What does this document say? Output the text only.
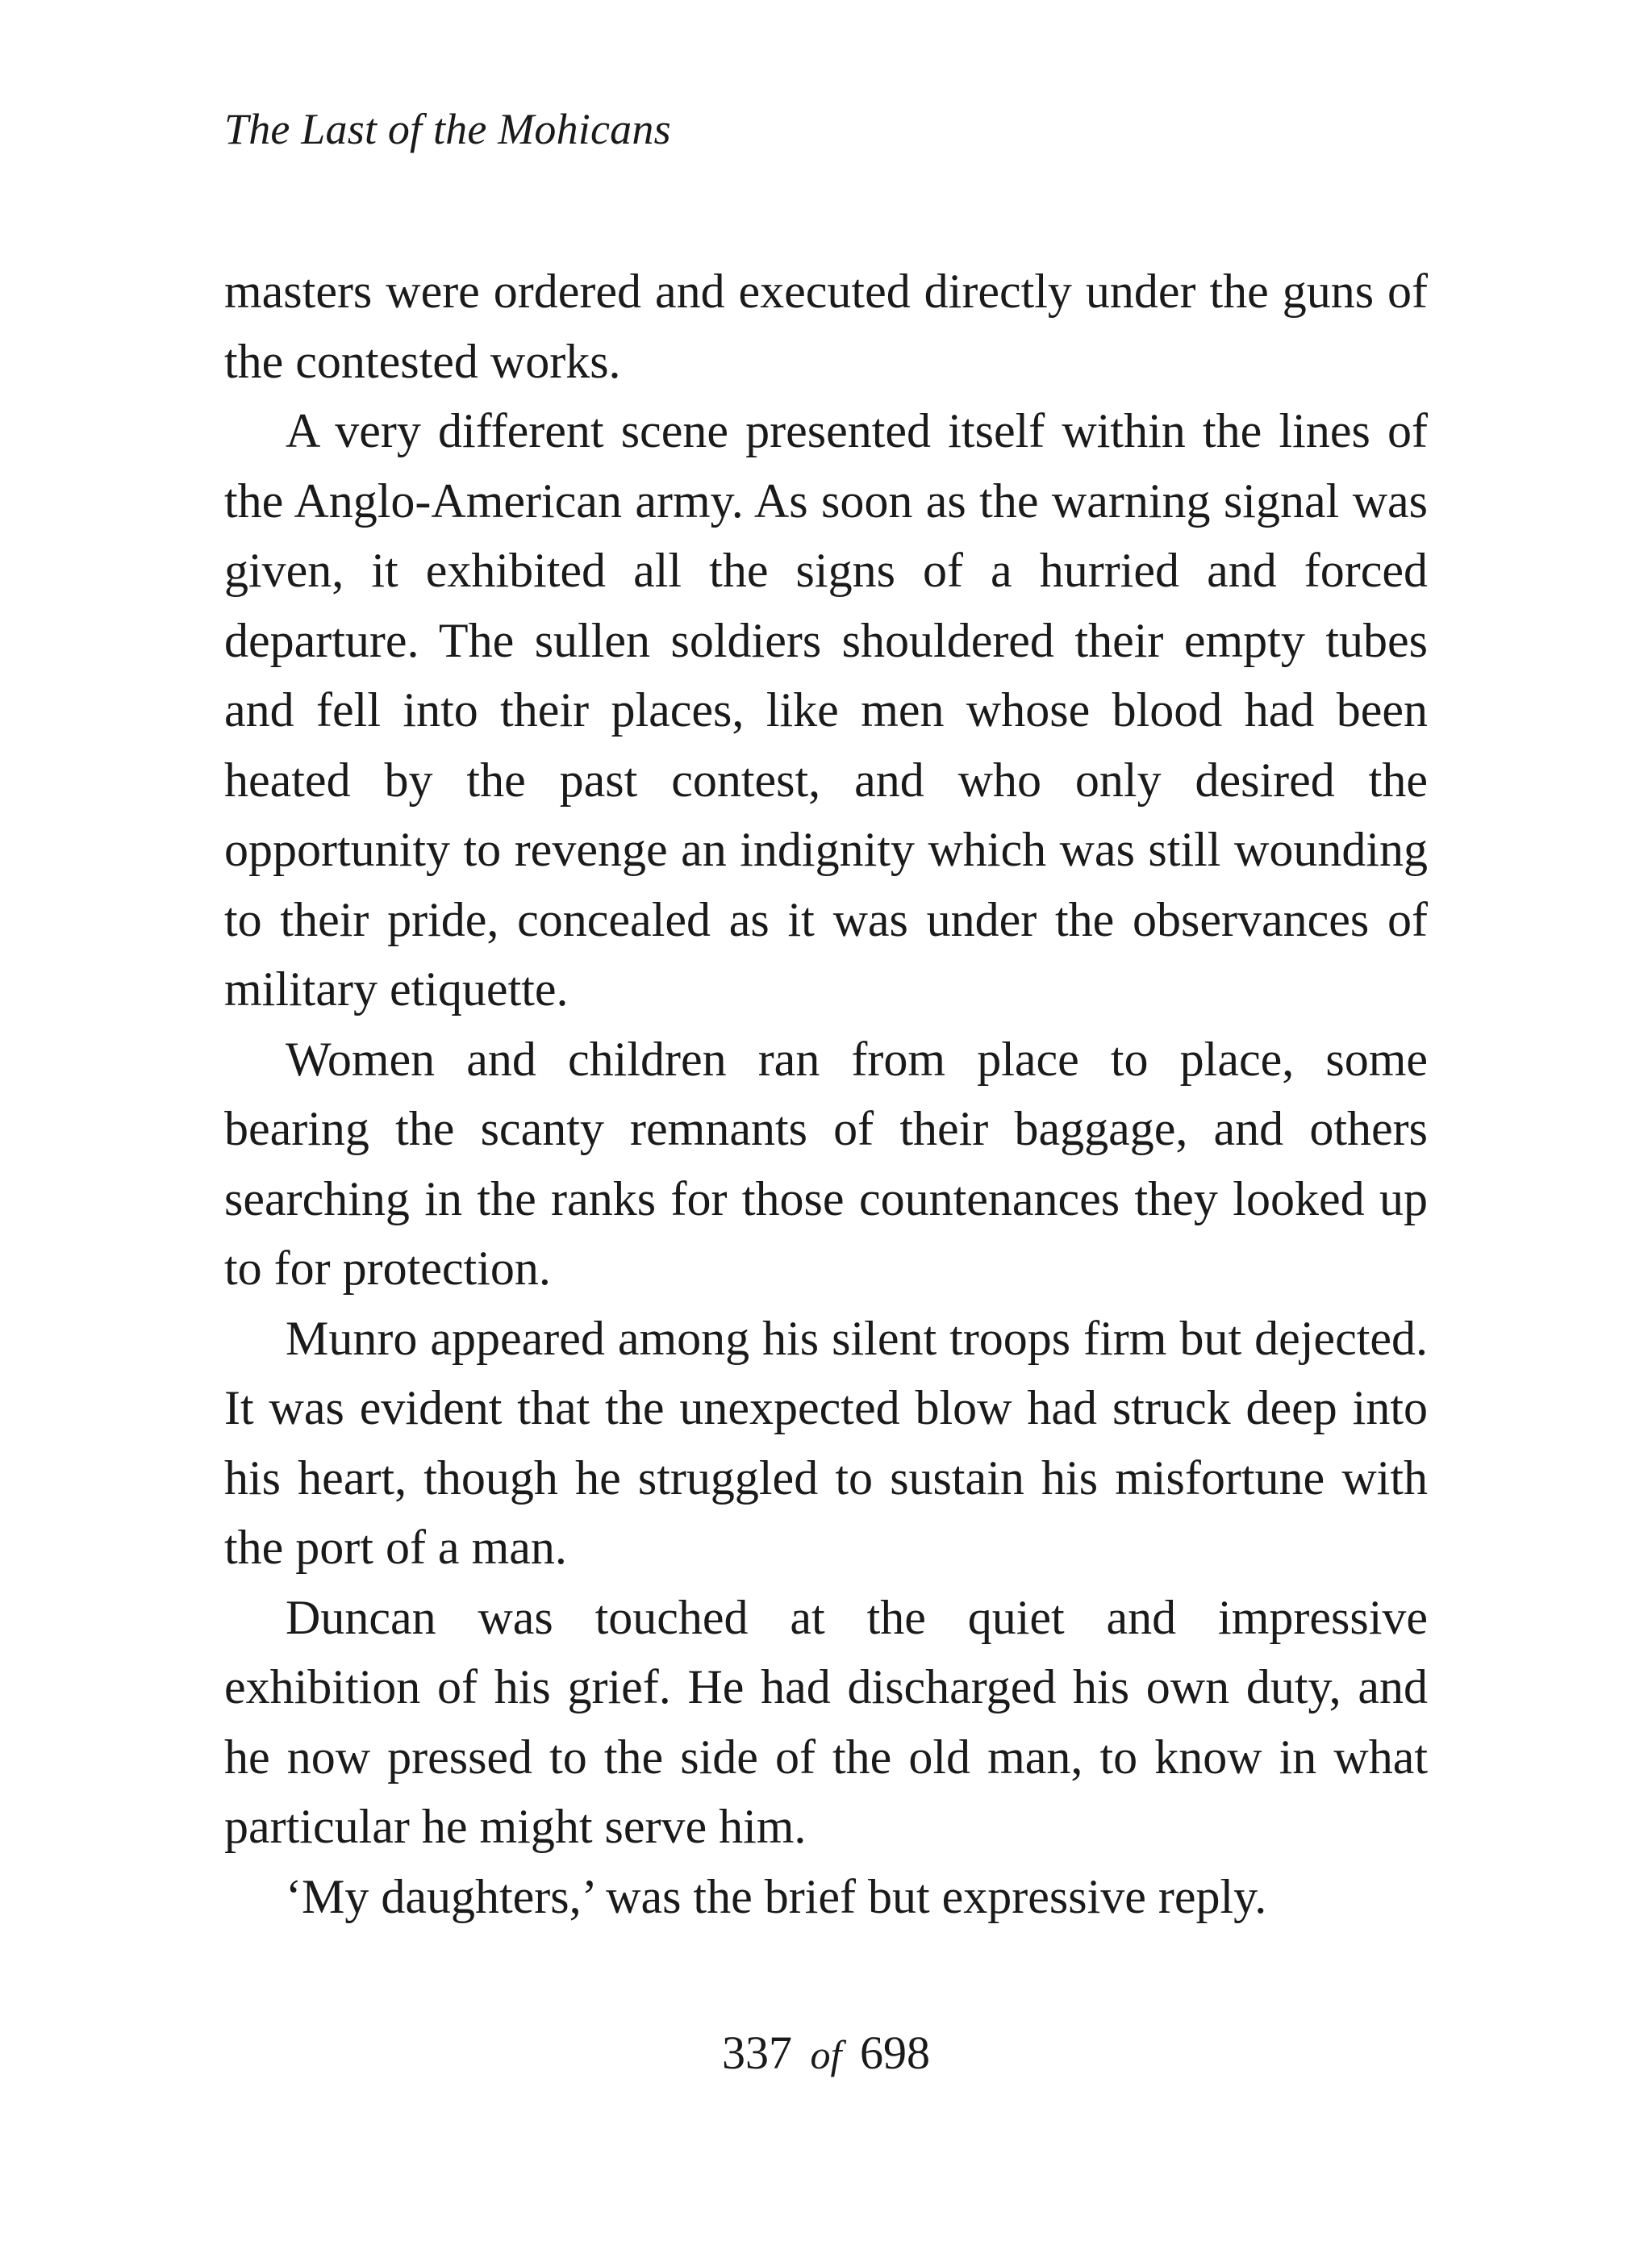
The Last of the Mohicans

masters were ordered and executed directly under the guns of the contested works.

A very different scene presented itself within the lines of the Anglo-American army. As soon as the warning signal was given, it exhibited all the signs of a hurried and forced departure. The sullen soldiers shouldered their empty tubes and fell into their places, like men whose blood had been heated by the past contest, and who only desired the opportunity to revenge an indignity which was still wounding to their pride, concealed as it was under the observances of military etiquette.

Women and children ran from place to place, some bearing the scanty remnants of their baggage, and others searching in the ranks for those countenances they looked up to for protection.

Munro appeared among his silent troops firm but dejected. It was evident that the unexpected blow had struck deep into his heart, though he struggled to sustain his misfortune with the port of a man.

Duncan was touched at the quiet and impressive exhibition of his grief. He had discharged his own duty, and he now pressed to the side of the old man, to know in what particular he might serve him.

‘My daughters,’ was the brief but expressive reply.

337 of 698
